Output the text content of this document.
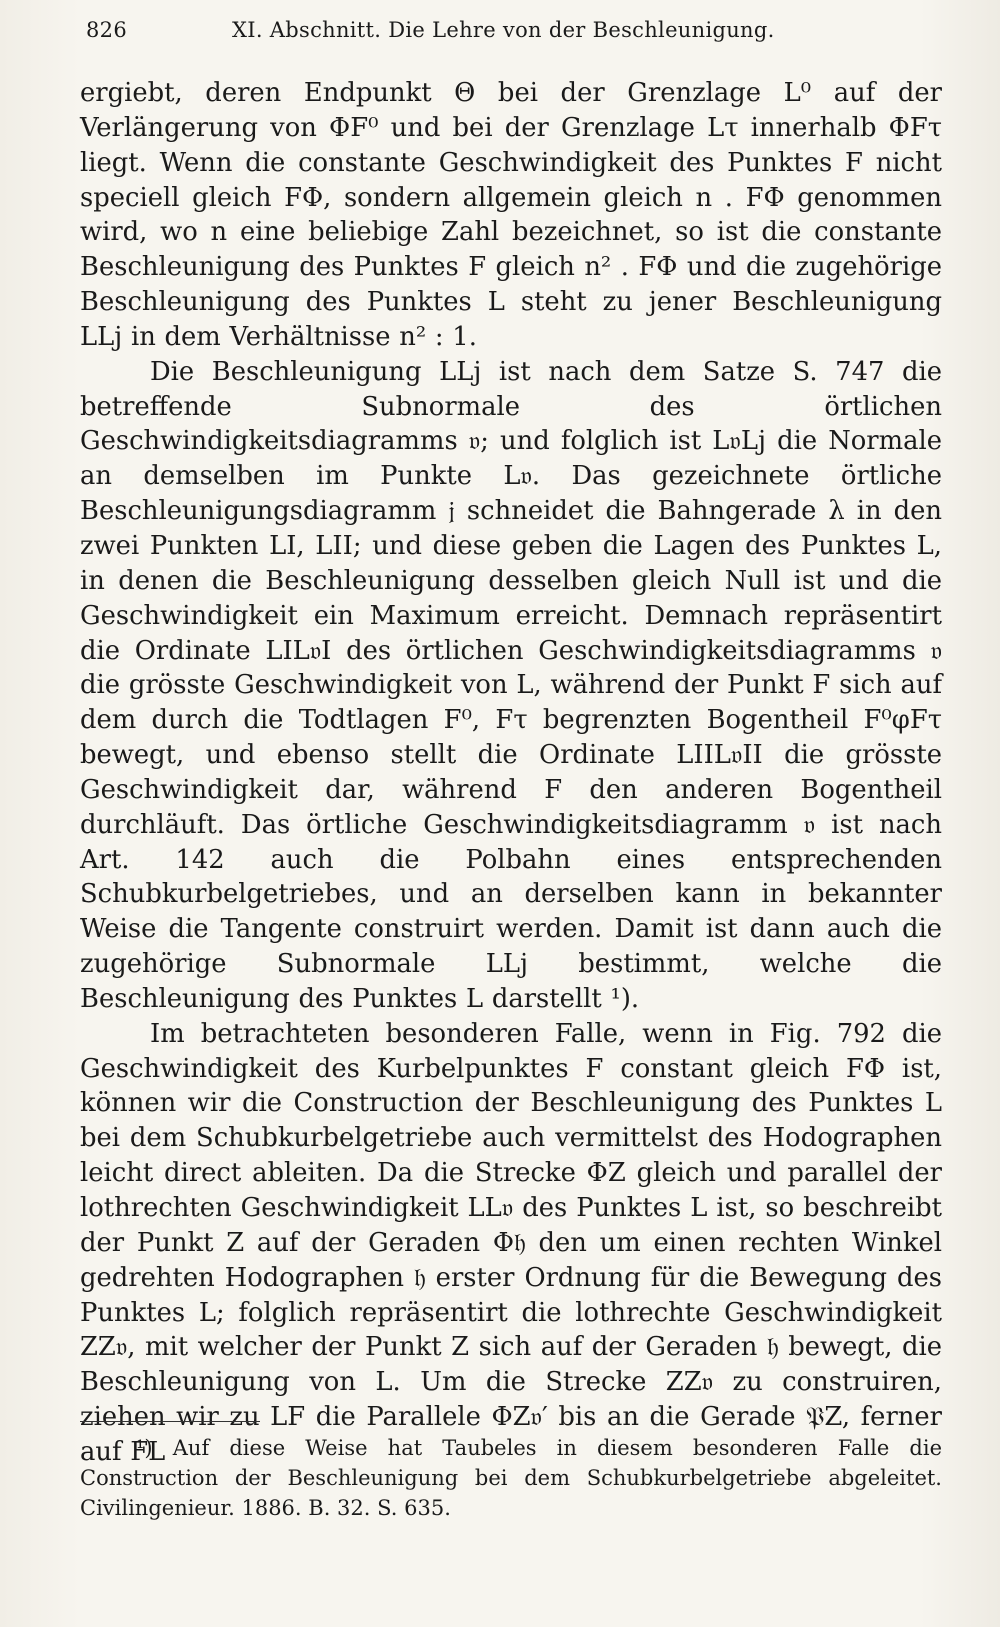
826	XI. Abschnitt. Die Lehre von der Beschleunigung.

ergiebt, deren Endpunkt Θ bei der Grenzlage L⁰ auf der Verlängerung von ΦF⁰ und bei der Grenzlage Lτ innerhalb ΦFτ liegt. Wenn die constante Geschwindigkeit des Punktes F nicht speciell gleich FΦ, sondern allgemein gleich n . FΦ genommen wird, wo n eine beliebige Zahl bezeichnet, so ist die constante Beschleunigung des Punktes F gleich n² . FΦ und die zugehörige Beschleunigung des Punktes L steht zu jener Beschleunigung LLj in dem Verhältnisse n² : 1.

Die Beschleunigung LLj ist nach dem Satze S. 747 die betreffende Subnormale des örtlichen Geschwindigkeitsdiagramms 𝔳; und folglich ist L𝔳Lj die Normale an demselben im Punkte L𝔳. Das gezeichnete örtliche Beschleunigungsdiagramm 𝔧 schneidet die Bahngerade λ in den zwei Punkten LI, LII; und diese geben die Lagen des Punktes L, in denen die Beschleunigung desselben gleich Null ist und die Geschwindigkeit ein Maximum erreicht. Demnach repräsentirt die Ordinate LIL𝔳I des örtlichen Geschwindigkeitsdiagramms 𝔳 die grösste Geschwindigkeit von L, während der Punkt F sich auf dem durch die Todtlagen F⁰, Fτ begrenzten Bogentheil F⁰φFτ bewegt, und ebenso stellt die Ordinate LIIL𝔳II die grösste Geschwindigkeit dar, während F den anderen Bogentheil durchläuft. Das örtliche Geschwindigkeitsdiagramm 𝔳 ist nach Art. 142 auch die Polbahn eines entsprechenden Schubkurbelgetriebes, und an derselben kann in bekannter Weise die Tangente construirt werden. Damit ist dann auch die zugehörige Subnormale LLj bestimmt, welche die Beschleunigung des Punktes L darstellt ¹).

Im betrachteten besonderen Falle, wenn in Fig. 792 die Geschwindigkeit des Kurbelpunktes F constant gleich FΦ ist, können wir die Construction der Beschleunigung des Punktes L bei dem Schubkurbelgetriebe auch vermittelst des Hodographen leicht direct ableiten. Da die Strecke ΦZ gleich und parallel der lothrechten Geschwindigkeit LL𝔳 des Punktes L ist, so beschreibt der Punkt Z auf der Geraden Φ𝔥 den um einen rechten Winkel gedrehten Hodographen 𝔥 erster Ordnung für die Bewegung des Punktes L; folglich repräsentirt die lothrechte Geschwindigkeit ZZ𝔳, mit welcher der Punkt Z sich auf der Geraden 𝔥 bewegt, die Beschleunigung von L. Um die Strecke ZZ𝔳 zu construiren, ziehen wir zu LF die Parallele ΦZ𝔳′ bis an die Gerade 𝔓Z, ferner auf FL

¹) Auf diese Weise hat Taubeles in diesem besonderen Falle die Construction der Beschleunigung bei dem Schubkurbelgetriebe abgeleitet. Civilingenieur. 1886. B. 32. S. 635.
